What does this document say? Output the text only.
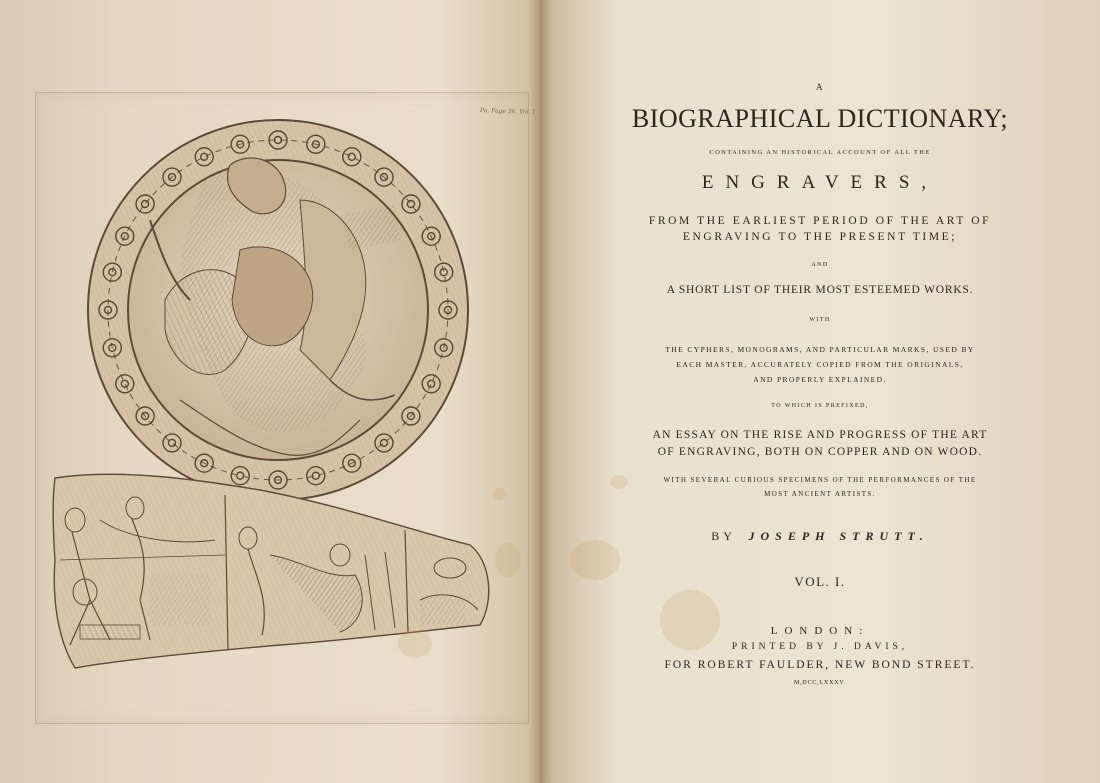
Pa. Page 36. Vol. I
A
BIOGRAPHICAL DICTIONARY;
CONTAINING AN HISTORICAL ACCOUNT OF ALL THE
ENGRAVERS,
FROM THE EARLIEST PERIOD OF THE ART OF
ENGRAVING TO THE PRESENT TIME;
AND
A SHORT LIST OF THEIR MOST ESTEEMED WORKS.
WITH
THE CYPHERS, MONOGRAMS, AND PARTICULAR MARKS, USED BY
EACH MASTER, ACCURATELY COPIED FROM THE ORIGINALS,
AND PROPERLY EXPLAINED.
TO WHICH IS PREFIXED,
AN ESSAY ON THE RISE AND PROGRESS OF THE ART
OF ENGRAVING, BOTH ON COPPER AND ON WOOD.
WITH SEVERAL CURIOUS SPECIMENS OF THE PERFORMANCES OF THE
MOST ANCIENT ARTISTS.
BY JOSEPH STRUTT.
VOL. I.
LONDON:
PRINTED BY J. DAVIS,
FOR ROBERT FAULDER, NEW BOND STREET.
M,DCC,LXXXV.
